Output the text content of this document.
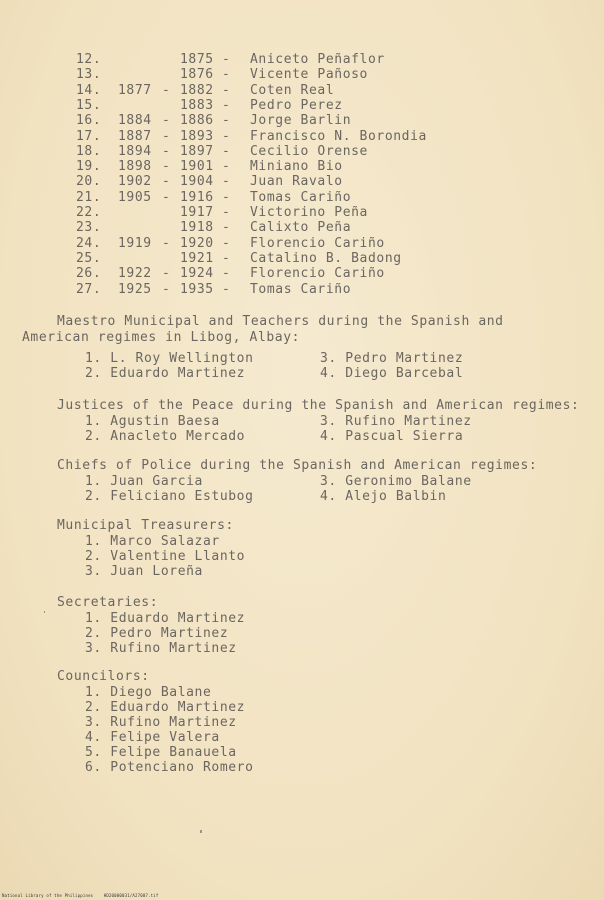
12.	1875 - Aniceto Peñaflor
13.	1876 - Vicente Pañoso
14. 1877 - 1882 - Coten Real
15.	1883 - Pedro Perez
16. 1884 - 1886 - Jorge Barlin
17. 1887 - 1893 - Francisco N. Borondia
18. 1894 - 1897 - Cecilio Orense
19. 1898 - 1901 - Miniano Bio
20. 1902 - 1904 - Juan Ravalo
21. 1905 - 1916 - Tomas Cariño
22.	1917 - Victorino Peña
23.	1918 - Calixto Peña
24. 1919 - 1920 - Florencio Cariño
25.	1921 - Catalino B. Badong
26. 1922 - 1924 - Florencio Cariño
27. 1925 - 1935 - Tomas Cariño
Maestro Municipal and Teachers during the Spanish and
American regimes in Libog, Albay:
1. L. Roy Wellington	3. Pedro Martinez
2. Eduardo Martinez	4. Diego Barcebal
Justices of the Peace during the Spanish and American regimes:
1. Agustin Baesa	3. Rufino Martinez
2. Anacleto Mercado	4. Pascual Sierra
Chiefs of Police during the Spanish and American regimes:
1. Juan Garcia	3. Geronimo Balane
2. Feliciano Estubog	4. Alejo Balbin
Municipal Treasurers:
1. Marco Salazar
2. Valentine Llanto
3. Juan Loreña
Secretaries:
1. Eduardo Martinez
2. Pedro Martinez
3. Rufino Martinez
Councilors:
1. Diego Balane
2. Eduardo Martinez
3. Rufino Martinez
4. Felipe Valera
5. Felipe Banauela
6. Potenciano Romero
National Library of the Philippines    HD20000031/A27007.tif
